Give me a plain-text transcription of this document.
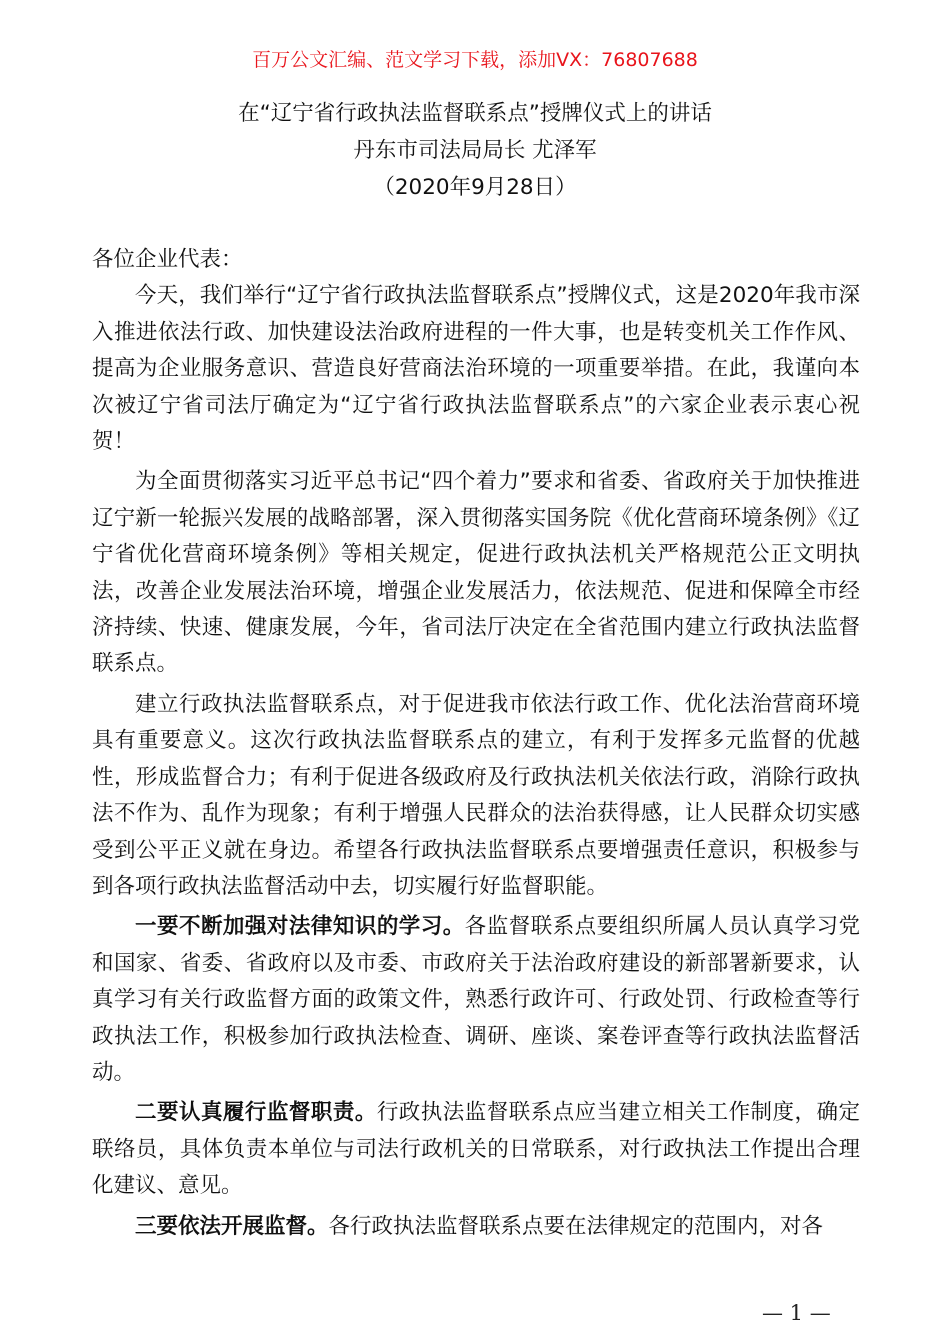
百万公文汇编、范文学习下载，添加VX：76807688
在“辽宁省行政执法监督联系点”授牌仪式上的讲话
丹东市司法局局长 尤泽军
（2020年9月28日）

各位企业代表：

今天，我们举行“辽宁省行政执法监督联系点”授牌仪式，这是2020年我市深入推进依法行政、加快建设法治政府进程的一件大事，也是转变机关工作作风、提高为企业服务意识、营造良好营商法治环境的一项重要举措。在此，我谨向本次被辽宁省司法厅确定为“辽宁省行政执法监督联系点”的六家企业表示衷心祝贺！

为全面贯彻落实习近平总书记“四个着力”要求和省委、省政府关于加快推进辽宁新一轮振兴发展的战略部署，深入贯彻落实国务院《优化营商环境条例》《辽宁省优化营商环境条例》等相关规定，促进行政执法机关严格规范公正文明执法，改善企业发展法治环境，增强企业发展活力，依法规范、促进和保障全市经济持续、快速、健康发展，今年，省司法厅决定在全省范围内建立行政执法监督联系点。

建立行政执法监督联系点，对于促进我市依法行政工作、优化法治营商环境具有重要意义。这次行政执法监督联系点的建立，有利于发挥多元监督的优越性，形成监督合力；有利于促进各级政府及行政执法机关依法行政，消除行政执法不作为、乱作为现象；有利于增强人民群众的法治获得感，让人民群众切实感受到公平正义就在身边。希望各行政执法监督联系点要增强责任意识，积极参与到各项行政执法监督活动中去，切实履行好监督职能。

一要不断加强对法律知识的学习。各监督联系点要组织所属人员认真学习党和国家、省委、省政府以及市委、市政府关于法治政府建设的新部署新要求，认真学习有关行政监督方面的政策文件，熟悉行政许可、行政处罚、行政检查等行政执法工作，积极参加行政执法检查、调研、座谈、案卷评查等行政执法监督活动。

二要认真履行监督职责。行政执法监督联系点应当建立相关工作制度，确定联络员，具体负责本单位与司法行政机关的日常联系，对行政执法工作提出合理化建议、意见。

三要依法开展监督。各行政执法监督联系点要在法律规定的范围内，对各

— 1 —
